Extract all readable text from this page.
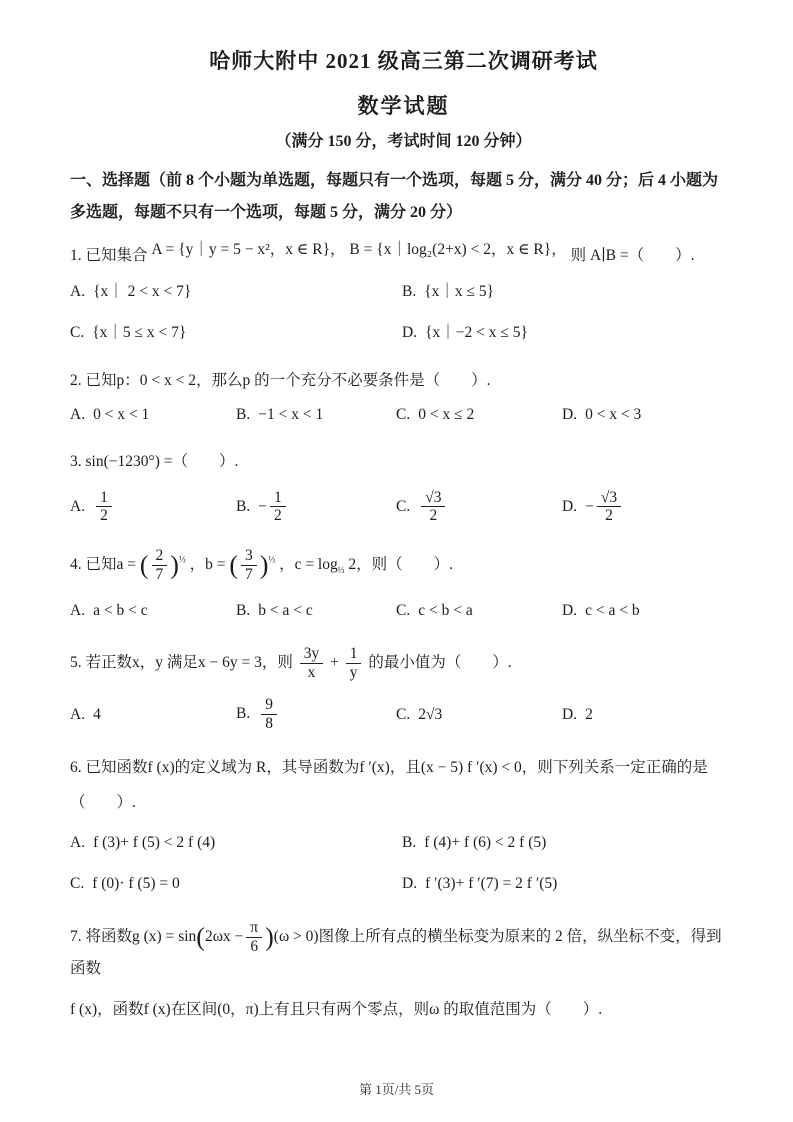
哈师大附中 2021 级高三第二次调研考试
数学试题
（满分 150 分，考试时间 120 分钟）
一、选择题（前 8 个小题为单选题，每题只有一个选项，每题 5 分，满分 40 分；后 4 小题为
多选题，每题不只有一个选项，每题 5 分，满分 20 分）
1. 已知集合 A = {y｜y = 5 − x²，x ∈ R}， B = {x｜log₂(2+x) < 2，x ∈ R}， 则 A∣B =（　　）.
A. {x｜ 2 < x < 7}	B. {x｜x ≤ 5}
C. {x｜5 ≤ x < 7}	D. {x｜−2 < x ≤ 5}
2. 已知p：0 < x < 2，那么p 的一个充分不必要条件是（　　）.
A. 0 < x < 1	B. −1 < x < 1	C. 0 < x ≤ 2	D. 0 < x < 3
3. sin(−1230°) =（　　）.
A. $\frac{1}{2}$	B. − $\frac{1}{2}$	C. $\frac{√3}{2}$	D. − $\frac{√3}{2}$
4. 已知a = ( $\frac{2}{7} )^{\frac{1}{3}}$ ，b = ( $\frac{3}{7} )^{\frac{1}{3}}$ ，$c = \log_{\frac{1}{3}} 2$，则（　　）.
A. a < b < c	B. b < a < c	C. c < b < a	D. c < a < b
5. 若正数x，y 满足x − 6y = 3，则 $\frac{3y}{x} + \frac{1}{y}$ 的最小值为（　　）.
A. 4	B. $\frac{9}{8}$	C. 2√3	D. 2
6. 已知函数f (x)的定义域为 R，其导函数为f ′(x)，且(x − 5) f ′(x) < 0，则下列关系一定正确的是
（　　）.
A. f (3)+ f (5) < 2 f (4)	B. f (4)+ f (6) < 2 f (5)
C. f (0)· f (5) = 0	D. f ′(3)+ f ′(7) = 2 f ′(5)
7. 将函数g $(x) = \sin(2\omega x - \frac{\pi}{6} )(\omega > 0)$图像上所有点的横坐标变为原来的 2 倍，纵坐标不变，得到函数
f (x)，函数f (x)在区间(0，π)上有且只有两个零点，则ω 的取值范围为（　　）.
第 1页/共 5页
